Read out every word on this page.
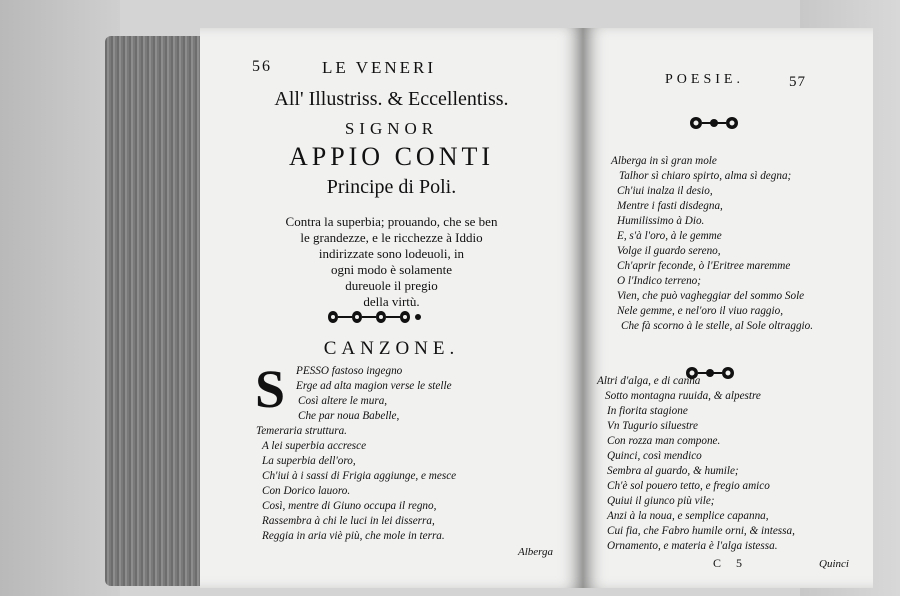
56	LE VENERI
All' Illustriss. & Eccellentiss.
SIGNOR
APPIO CONTI
Principe di Poli.
Contra la superbia; prouando, che se ben
le grandezze, e le ricchezze à Iddio
indirizzate sono lodeuoli, in
ogni modo è solamente
dureuole il pregio
della virtù.
CANZONE.
S PESSO fastoso ingegno
Erge ad alta magion verse le stelle
Così altere le mura,
Che par noua Babelle,
Temeraria struttura.
A lei superbia accresce
La superbia dell'oro,
Ch'iui à i sassi di Frigia aggiunge, e mesce
Con Dorico lauoro.
Così, mentre di Giuno occupa il regno,
Rassembra à chi le luci in lei disserra,
Reggia in aria viè più, che mole in terra.
Alberga
POESIE.	57
Alberga in sì gran mole
Talhor sì chiaro spirto, alma sì degna;
Ch'iui inalza il desio,
Mentre i fasti disdegna,
Humilissimo à Dio.
E, s'à l'oro, à le gemme
Volge il guardo sereno,
Ch'aprir feconde, ò l'Eritree maremme
O l'Indico terreno;
Vien, che può vagheggiar del sommo Sole
Nele gemme, e nel'oro il viuo raggio,
Che fà scorno à le stelle, al Sole oltraggio.
Altri d'alga, e di canna
Sotto montagna ruuida, & alpestre
In fiorita stagione
Vn Tugurio siluestre
Con rozza man compone.
Quinci, così mendico
Sembra al guardo, & humile;
Ch'è sol pouero tetto, e fregio amico
Quiui il giunco più vile;
Anzi à la noua, e semplice capanna,
Cui fia, che Fabro humile orni, & intessa,
Ornamento, e materia è l'alga istessa.
C 5	Quinci
